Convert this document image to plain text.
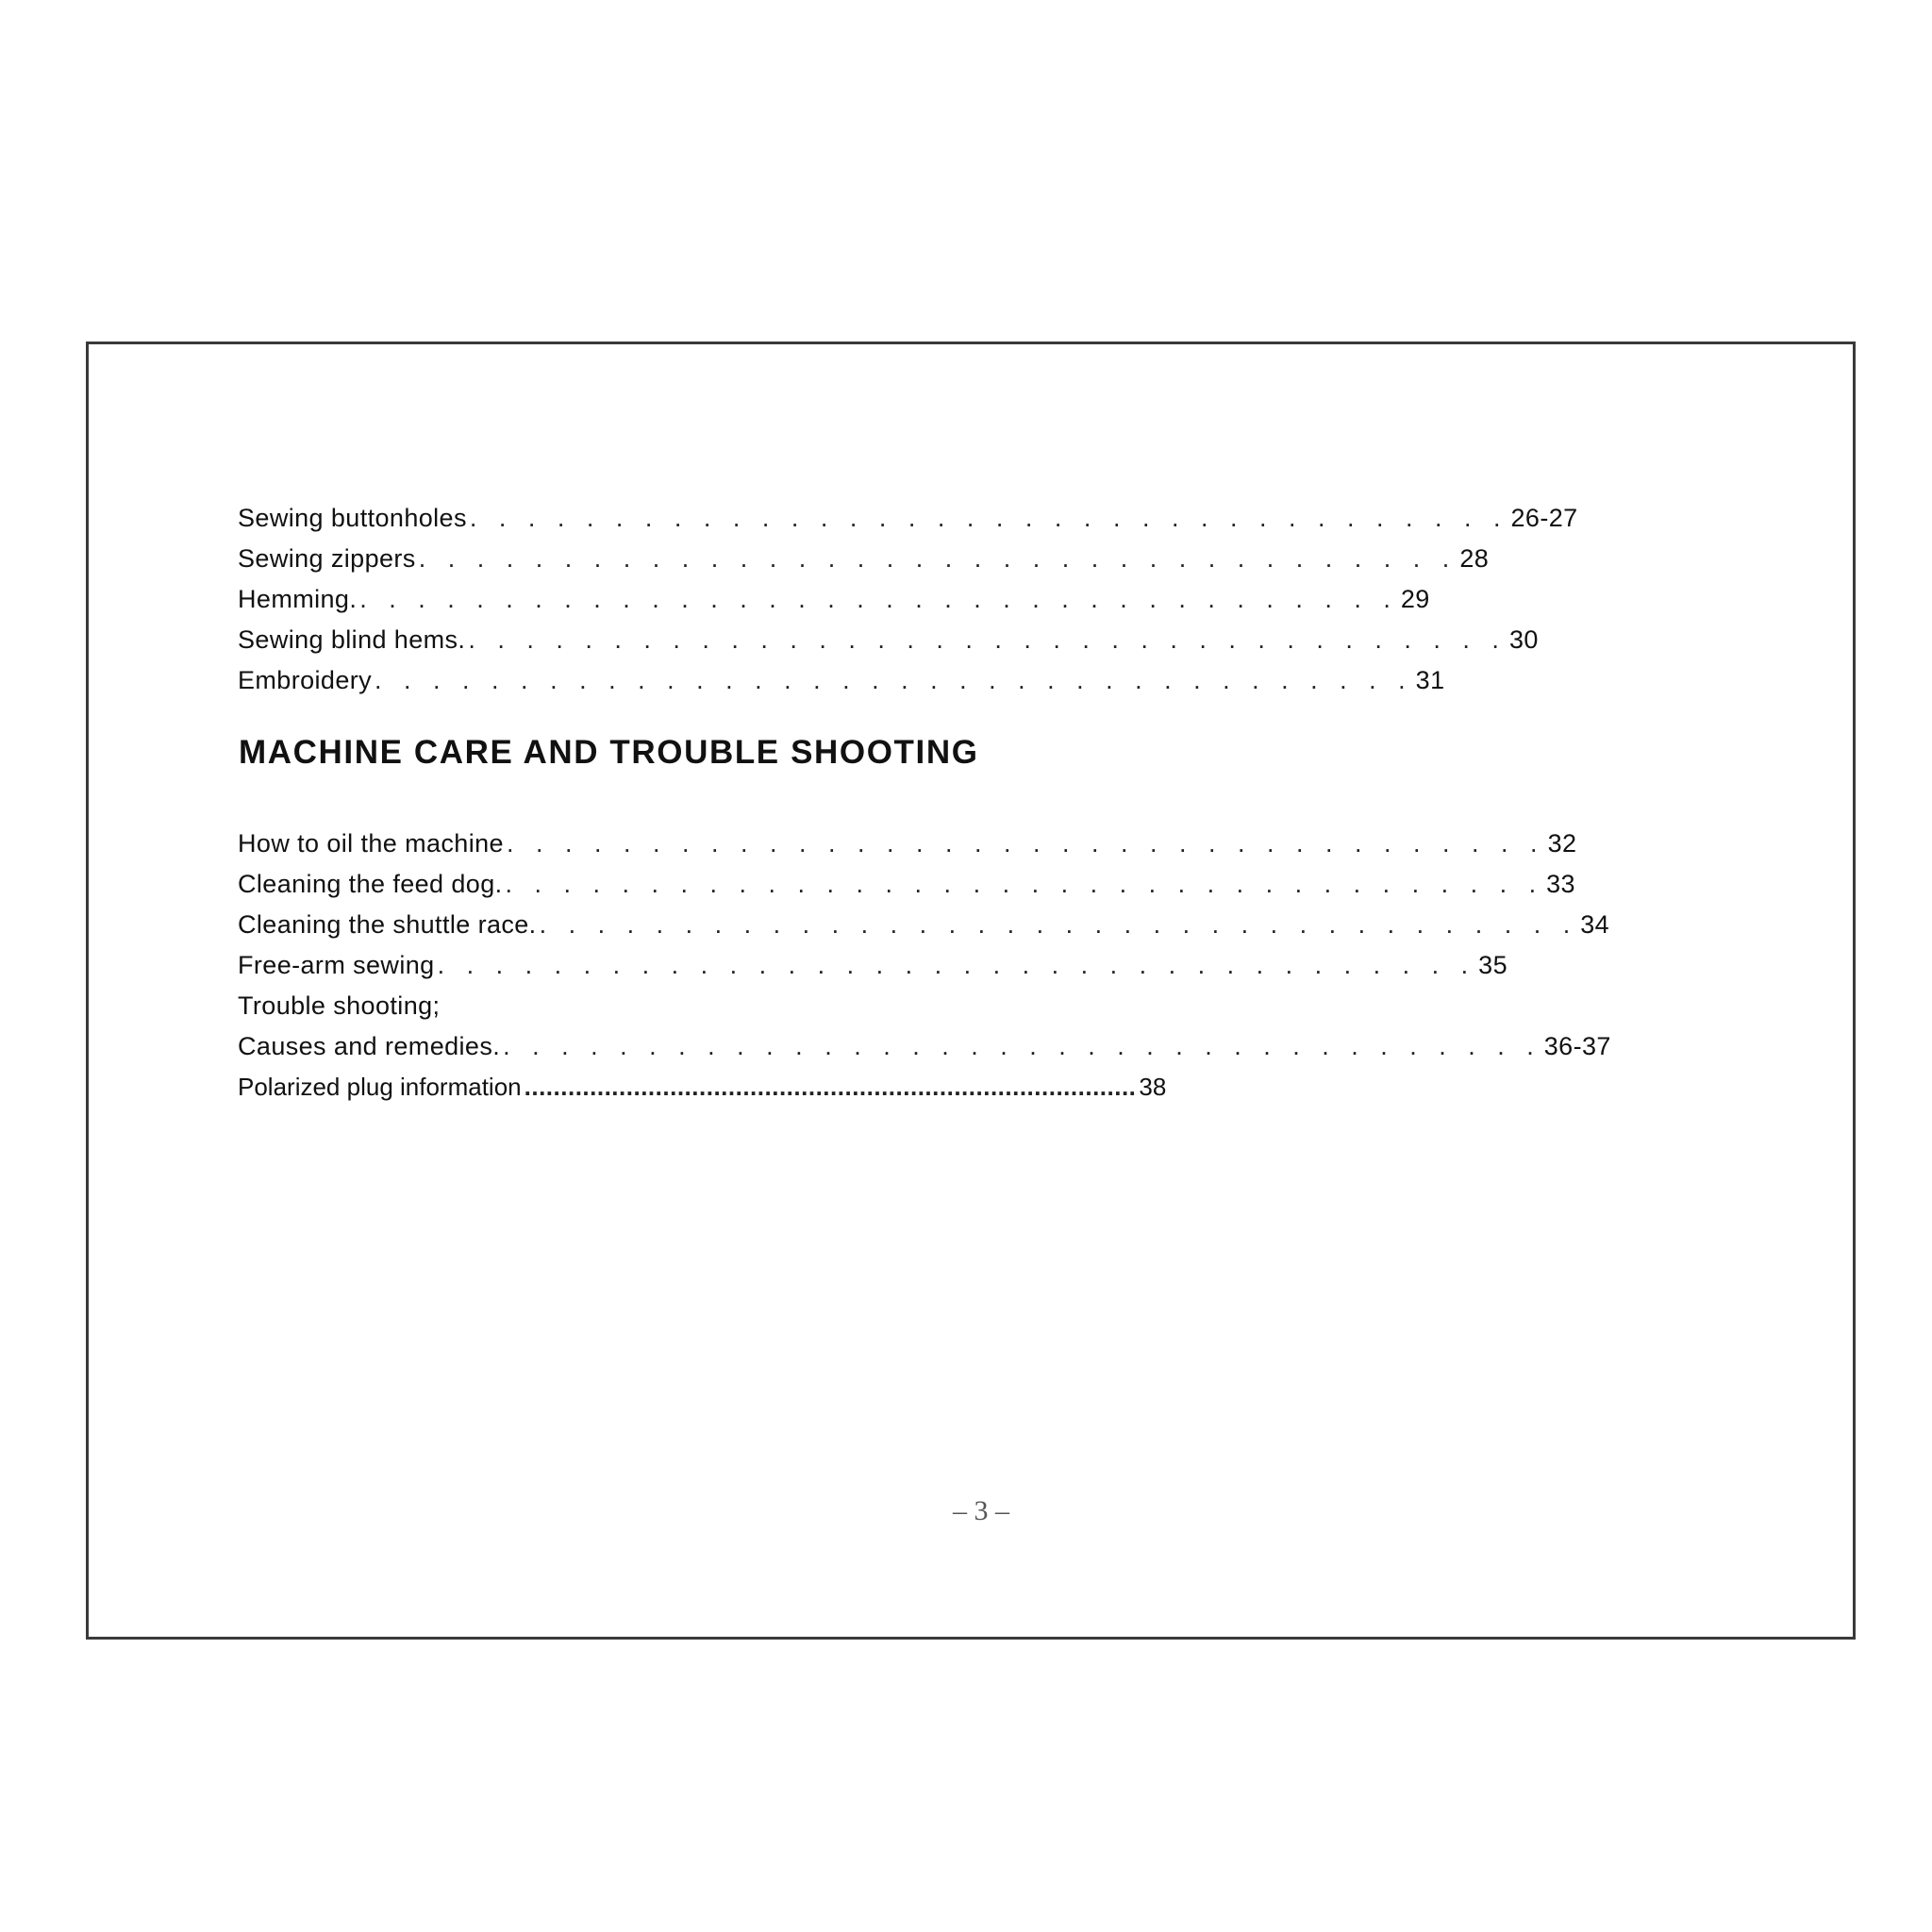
Sewing buttonholes . . . . . . . . . . . . . . . . . . . . . . . . . . . . . . . . . . . . 26-27
Sewing zippers . . . . . . . . . . . . . . . . . . . . . . . . . . . . . . . . . . . . 28
Hemming. . . . . . . . . . . . . . . . . . . . . . . . . . . . . . . . . . . . . 29
Sewing blind hems. . . . . . . . . . . . . . . . . . . . . . . . . . . . . . . . . . . . . 30
Embroidery . . . . . . . . . . . . . . . . . . . . . . . . . . . . . . . . . . . . 31
MACHINE CARE AND TROUBLE SHOOTING
How to oil the machine . . . . . . . . . . . . . . . . . . . . . . . . . . . . . . . . . . . . 32
Cleaning the feed dog. . . . . . . . . . . . . . . . . . . . . . . . . . . . . . . . . . . . . 33
Cleaning the shuttle race. . . . . . . . . . . . . . . . . . . . . . . . . . . . . . . . . . . . . 34
Free-arm sewing . . . . . . . . . . . . . . . . . . . . . . . . . . . . . . . . . . . . 35
Trouble shooting;
Causes and remedies. . . . . . . . . . . . . . . . . . . . . . . . . . . . . . . . . . . . . 36-37
Polarized plug information .................................................................................... 38
– 3 –
